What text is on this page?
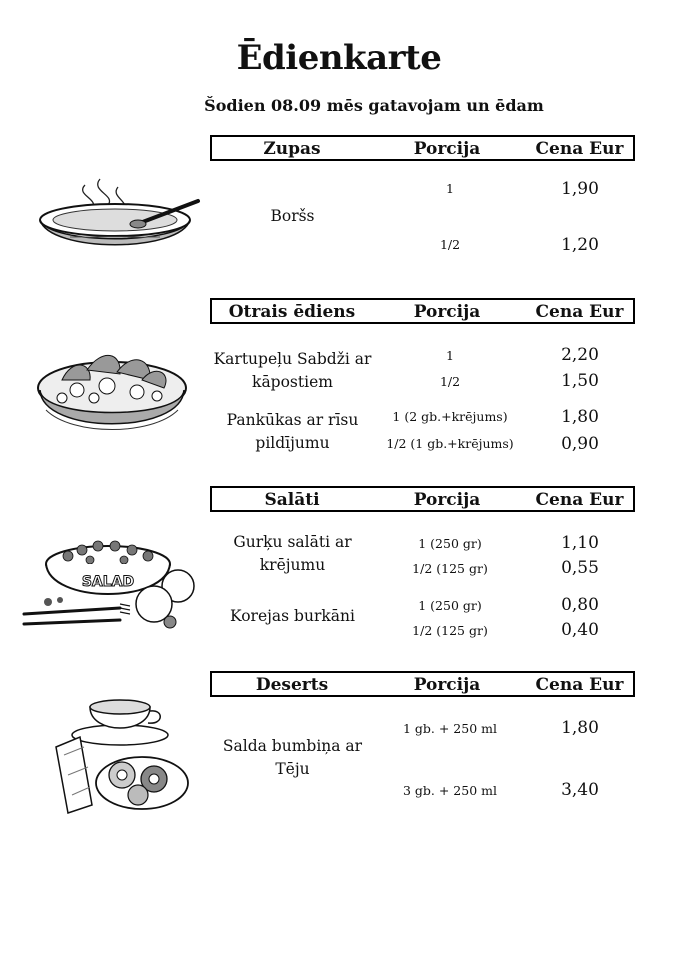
Ēdienkarte
Šodien 08.09 mēs gatavojam un ēdam
Zupas	Porcija	Cena Eur
Boršs
1	1,90
1/2	1,20
Otrais ēdiens	Porcija	Cena Eur
Kartupeļu Sabdži ar kāpostiem
1	2,20
1/2	1,50
Pankūkas ar rīsu pildījumu
1 (2 gb.+krējums)	1,80
1/2 (1 gb.+krējums)	0,90
Salāti	Porcija	Cena Eur
SALAD
Gurķu salāti ar krējumu
1 (250 gr)	1,10
1/2 (125 gr)	0,55
Korejas burkāni
1 (250 gr)	0,80
1/2 (125 gr)	0,40
Deserts	Porcija	Cena Eur
Salda bumbiņa ar Tēju
1 gb. + 250 ml	1,80
3 gb. + 250 ml	3,40
